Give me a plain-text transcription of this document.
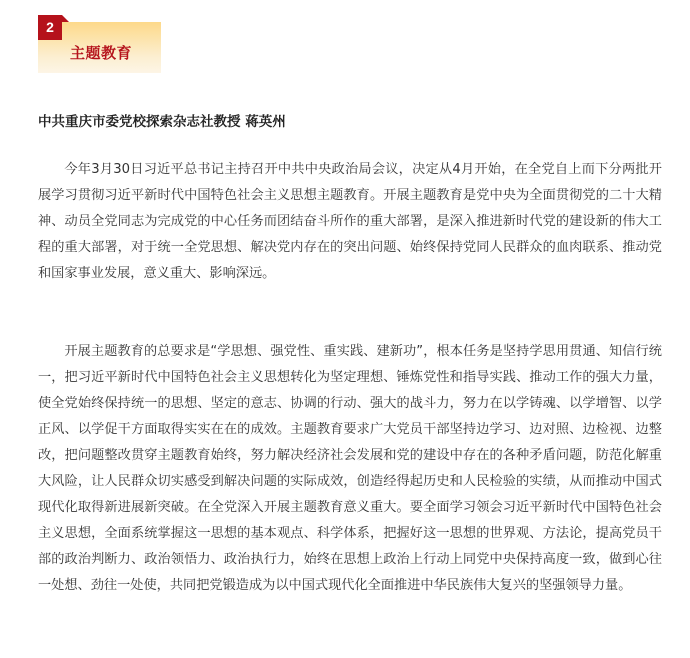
主题教育
2
中共重庆市委党校探索杂志社教授 蒋英州

今年3月30日习近平总书记主持召开中共中央政治局会议，决定从4月开始，在全党自上而下分两批开展学习贯彻习近平新时代中国特色社会主义思想主题教育。开展主题教育是党中央为全面贯彻党的二十大精神、动员全党同志为完成党的中心任务而团结奋斗所作的重大部署，是深入推进新时代党的建设新的伟大工程的重大部署，对于统一全党思想、解决党内存在的突出问题、始终保持党同人民群众的血肉联系、推动党和国家事业发展，意义重大、影响深远。

开展主题教育的总要求是“学思想、强党性、重实践、建新功”，根本任务是坚持学思用贯通、知信行统一，把习近平新时代中国特色社会主义思想转化为坚定理想、锤炼党性和指导实践、推动工作的强大力量，使全党始终保持统一的思想、坚定的意志、协调的行动、强大的战斗力，努力在以学铸魂、以学增智、以学正风、以学促干方面取得实实在在的成效。主题教育要求广大党员干部坚持边学习、边对照、边检视、边整改，把问题整改贯穿主题教育始终，努力解决经济社会发展和党的建设中存在的各种矛盾问题，防范化解重大风险，让人民群众切实感受到解决问题的实际成效，创造经得起历史和人民检验的实绩，从而推动中国式现代化取得新进展新突破。在全党深入开展主题教育意义重大。要全面学习领会习近平新时代中国特色社会主义思想，全面系统掌握这一思想的基本观点、科学体系，把握好这一思想的世界观、方法论，提高党员干部的政治判断力、政治领悟力、政治执行力，始终在思想上政治上行动上同党中央保持高度一致，做到心往一处想、劲往一处使，共同把党锻造成为以中国式现代化全面推进中华民族伟大复兴的坚强领导力量。
